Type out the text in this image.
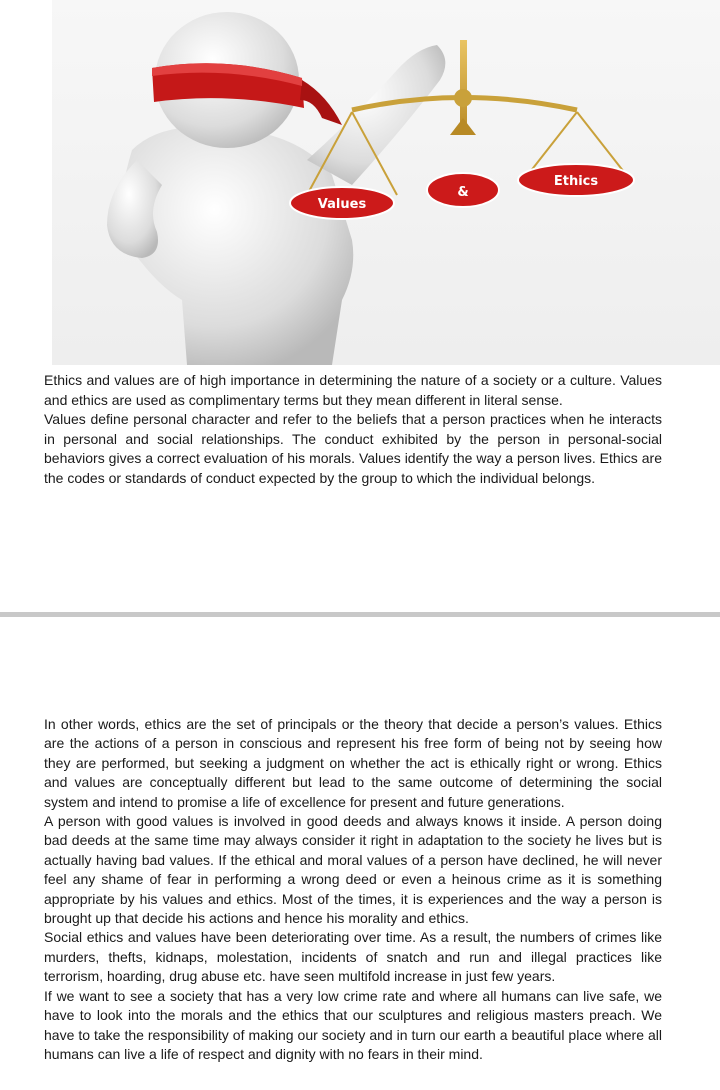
Values
&
Ethics

Ethics and values are of high importance in determining the nature of a society or a culture. Values and ethics are used as complimentary terms but they mean different in literal sense.

Values define personal character and refer to the beliefs that a person practices when he interacts in personal and social relationships. The conduct exhibited by the person in personal-social behaviors gives a correct evaluation of his morals. Values identify the way a person lives. Ethics are the codes or standards of conduct expected by the group to which the individual belongs.

In other words, ethics are the set of principals or the theory that decide a person’s values. Ethics are the actions of a person in conscious and represent his free form of being not by seeing how they are performed, but seeking a judgment on whether the act is ethically right or wrong. Ethics and values are conceptually different but lead to the same outcome of determining the social system and intend to promise a life of excellence for present and future generations.

A person with good values is involved in good deeds and always knows it inside. A person doing bad deeds at the same time may always consider it right in adaptation to the society he lives but is actually having bad values. If the ethical and moral values of a person have declined, he will never feel any shame of fear in performing a wrong deed or even a heinous crime as it is something appropriate by his values and ethics. Most of the times, it is experiences and the way a person is brought up that decide his actions and hence his morality and ethics.

Social ethics and values have been deteriorating over time. As a result, the numbers of crimes like murders, thefts, kidnaps, molestation, incidents of snatch and run and illegal practices like terrorism, hoarding, drug abuse etc. have seen multifold increase in just few years.

If we want to see a society that has a very low crime rate and where all humans can live safe, we have to look into the morals and the ethics that our sculptures and religious masters preach. We have to take the responsibility of making our society and in turn our earth a beautiful place where all humans can live a life of respect and dignity with no fears in their mind.
